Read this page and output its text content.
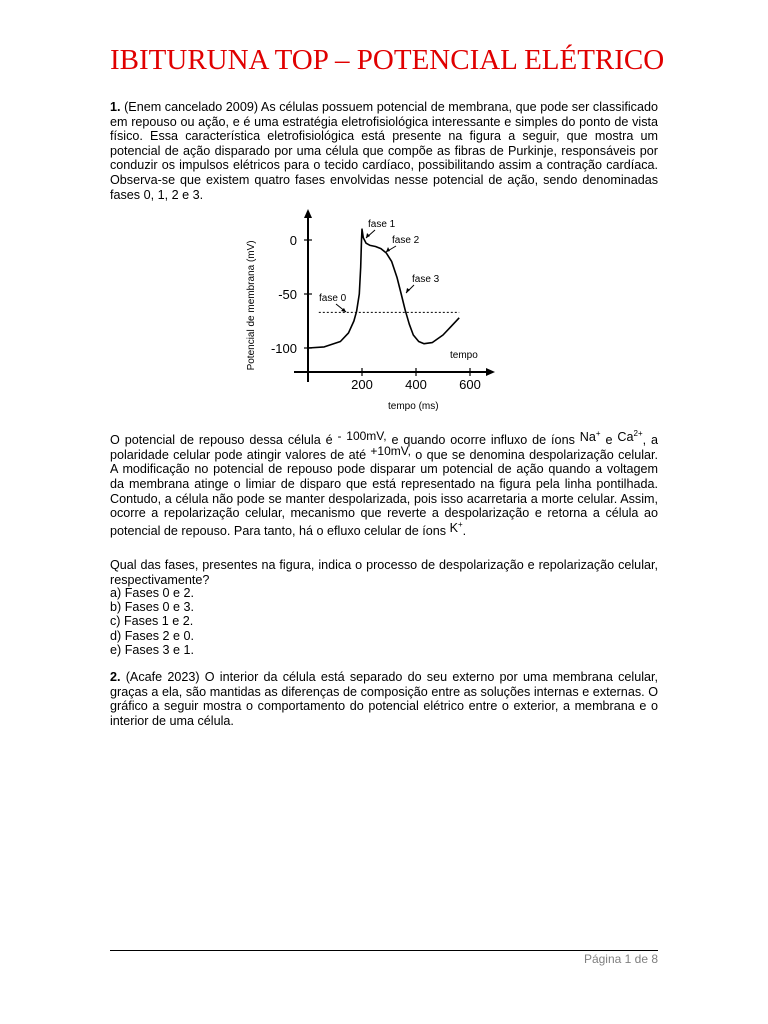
IBITURUNA TOP – POTENCIAL ELÉTRICO
1. (Enem cancelado 2009) As células possuem potencial de membrana, que pode ser classificado em repouso ou ação, e é uma estratégia eletrofisiológica interessante e simples do ponto de vista físico. Essa característica eletrofisiológica está presente na figura a seguir, que mostra um potencial de ação disparado por uma célula que compõe as fibras de Purkinje, responsáveis por conduzir os impulsos elétricos para o tecido cardíaco, possibilitando assim a contração cardíaca. Observa-se que existem quatro fases envolvidas nesse potencial de ação, sendo denominadas fases 0, 1, 2 e 3.
200 400 600
0
-50
-100
tempo (ms)
Potencial de membrana (mV)
fase 1
fase 2
fase 3
fase 0
tempo
O potencial de repouso dessa célula é - 100mV, e quando ocorre influxo de íons Na+ e $Ca^{2+}$, a polaridade celular pode atingir valores de até +10mV, o que se denomina despolarização celular. A modificação no potencial de repouso pode disparar um potencial de ação quando a voltagem da membrana atinge o limiar de disparo que está representado na figura pela linha pontilhada. Contudo, a célula não pode se manter despolarizada, pois isso acarretaria a morte celular. Assim, ocorre a repolarização celular, mecanismo que reverte a despolarização e retorna a célula ao potencial de repouso. Para tanto, há o efluxo celular de íons K+.
Qual das fases, presentes na figura, indica o processo de despolarização e repolarização celular, respectivamente?
a) Fases 0 e 2.
b) Fases 0 e 3.
c) Fases 1 e 2.
d) Fases 2 e 0.
e) Fases 3 e 1.
2. (Acafe 2023) O interior da célula está separado do seu externo por uma membrana celular, graças a ela, são mantidas as diferenças de composição entre as soluções internas e externas. O gráfico a seguir mostra o comportamento do potencial elétrico entre o exterior, a membrana e o interior de uma célula.
Página 1 de 8
